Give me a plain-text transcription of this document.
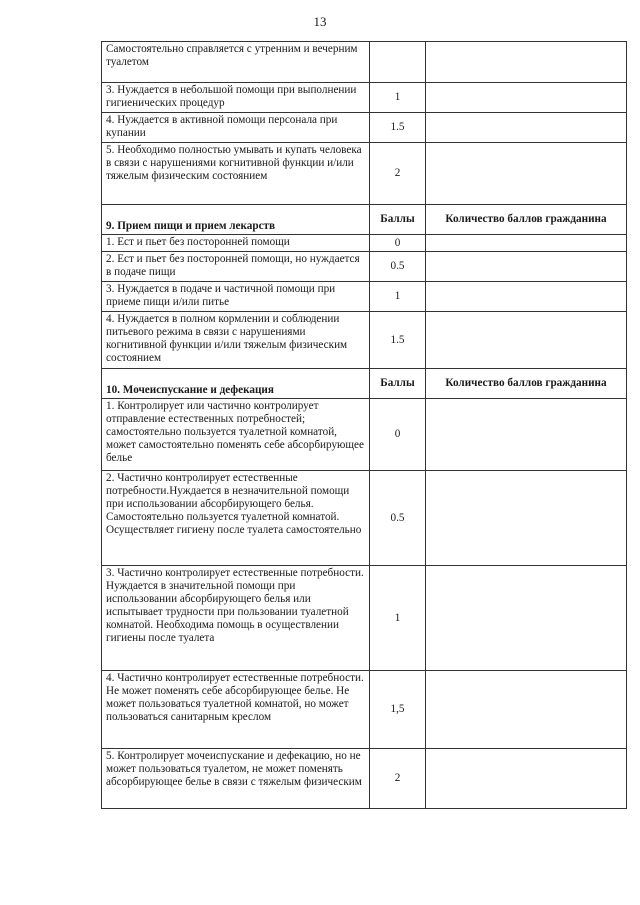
13
Самостоятельно справляется с утренним и вечерним туалетом		
3. Нуждается в небольшой помощи при выполнении гигиенических процедур	1	
4. Нуждается в активной помощи персонала при купании	1.5	
5. Необходимо полностью умывать и купать человека в связи с нарушениями когнитивной функции и/или тяжелым физическим состоянием	2	
9. Прием пищи и прием лекарств	Баллы	Количество баллов гражданина
1. Ест и пьет без посторонней помощи	0	
2. Ест и пьет без посторонней помощи, но нуждается в подаче пищи	0.5	
3. Нуждается в подаче и частичной помощи при приеме пищи и/или питье	1	
4. Нуждается в полном кормлении и соблюдении питьевого режима в связи с нарушениями когнитивной функции и/или тяжелым физическим состоянием	1.5	
10. Мочеиспускание и дефекация	Баллы	Количество баллов гражданина
1. Контролирует или частично контролирует отправление естественных потребностей; самостоятельно пользуется туалетной комнатой, может самостоятельно поменять себе абсорбирующее белье	0	
2. Частично контролирует естественные потребности.Нуждается в незначительной помощи при использовании абсорбирующего белья. Самостоятельно пользуется туалетной комнатой. Осуществляет гигиену после туалета самостоятельно	0.5	
3. Частично контролирует естественные потребности. Нуждается в значительной помощи при использовании абсорбирующего белья или испытывает трудности при пользовании туалетной комнатой. Необходима помощь в осуществлении гигиены после туалета	1	
4. Частично контролирует естественные потребности. Не может поменять себе абсорбирующее белье. Не может пользоваться туалетной комнатой, но может пользоваться санитарным креслом	1,5	
5. Контролирует мочеиспускание и дефекацию, но не может пользоваться туалетом, не может поменять абсорбирующее белье в связи с тяжелым физическим	2	
